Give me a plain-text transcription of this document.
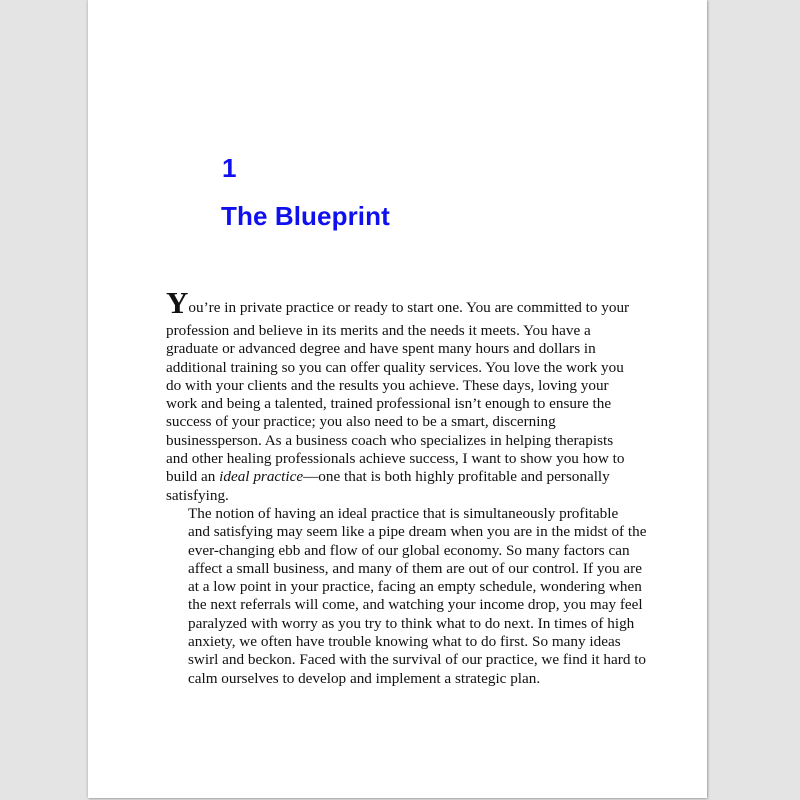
1
The Blueprint

You’re in private practice or ready to start one. You are committed to your
profession and believe in its merits and the needs it meets. You have a
graduate or advanced degree and have spent many hours and dollars in
additional training so you can offer quality services. You love the work you
do with your clients and the results you achieve. These days, loving your
work and being a talented, trained professional isn’t enough to ensure the
success of your practice; you also need to be a smart, discerning
businessperson. As a business coach who specializes in helping therapists
and other healing professionals achieve success, I want to show you how to
build an ideal practice—one that is both highly profitable and personally
satisfying.

The notion of having an ideal practice that is simultaneously profitable
and satisfying may seem like a pipe dream when you are in the midst of the
ever-changing ebb and flow of our global economy. So many factors can
affect a small business, and many of them are out of our control. If you are
at a low point in your practice, facing an empty schedule, wondering when
the next referrals will come, and watching your income drop, you may feel
paralyzed with worry as you try to think what to do next. In times of high
anxiety, we often have trouble knowing what to do first. So many ideas
swirl and beckon. Faced with the survival of our practice, we find it hard to
calm ourselves to develop and implement a strategic plan.
